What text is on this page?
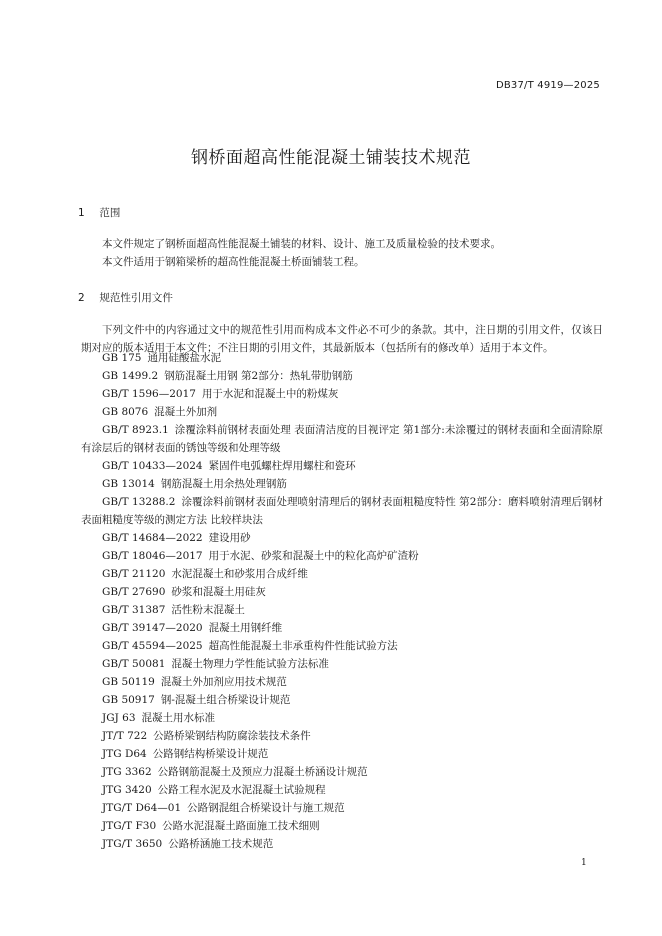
DB37/T 4919—2025
钢桥面超高性能混凝土铺装技术规范
1 范围
本文件规定了钢桥面超高性能混凝土铺装的材料、设计、施工及质量检验的技术要求。
本文件适用于钢箱梁桥的超高性能混凝土桥面铺装工程。
2 规范性引用文件
下列文件中的内容通过文中的规范性引用而构成本文件必不可少的条款。其中，注日期的引用文件，仅该日期对应的版本适用于本文件；不注日期的引用文件，其最新版本（包括所有的修改单）适用于本文件。
GB 175 通用硅酸盐水泥
GB 1499.2 钢筋混凝土用钢 第2部分：热轧带肋钢筋
GB/T 1596—2017 用于水泥和混凝土中的粉煤灰
GB 8076 混凝土外加剂
GB/T 8923.1 涂覆涂料前钢材表面处理 表面清洁度的目视评定 第1部分:未涂覆过的钢材表面和全面清除原有涂层后的钢材表面的锈蚀等级和处理等级
GB/T 10433—2024 紧固件电弧螺柱焊用螺柱和瓷环
GB 13014 钢筋混凝土用余热处理钢筋
GB/T 13288.2 涂覆涂料前钢材表面处理喷射清理后的钢材表面粗糙度特性 第2部分：磨料喷射清理后钢材表面粗糙度等级的测定方法 比较样块法
GB/T 14684—2022 建设用砂
GB/T 18046—2017 用于水泥、砂浆和混凝土中的粒化高炉矿渣粉
GB/T 21120 水泥混凝土和砂浆用合成纤维
GB/T 27690 砂浆和混凝土用硅灰
GB/T 31387 活性粉末混凝土
GB/T 39147—2020 混凝土用钢纤维
GB/T 45594—2025 超高性能混凝土非承重构件性能试验方法
GB/T 50081 混凝土物理力学性能试验方法标准
GB 50119 混凝土外加剂应用技术规范
GB 50917 钢-混凝土组合桥梁设计规范
JGJ 63 混凝土用水标准
JT/T 722 公路桥梁钢结构防腐涂装技术条件
JTG D64 公路钢结构桥梁设计规范
JTG 3362 公路钢筋混凝土及预应力混凝土桥涵设计规范
JTG 3420 公路工程水泥及水泥混凝土试验规程
JTG/T D64—01 公路钢混组合桥梁设计与施工规范
JTG/T F30 公路水泥混凝土路面施工技术细则
JTG/T 3650 公路桥涵施工技术规范
1
